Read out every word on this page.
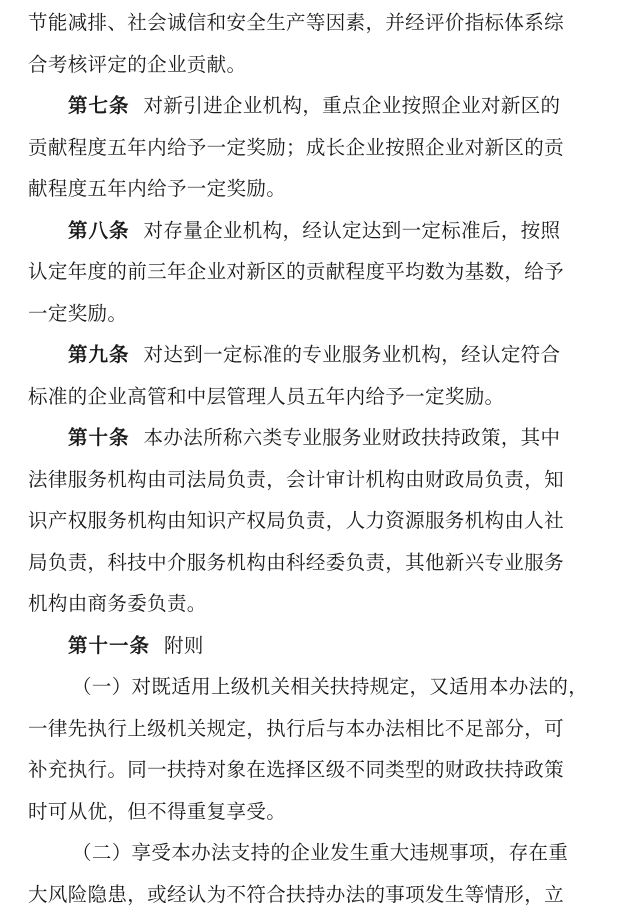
节能减排、社会诚信和安全生产等因素，并经评价指标体系综
合考核评定的企业贡献。
第七条 对新引进企业机构，重点企业按照企业对新区的
贡献程度五年内给予一定奖励；成长企业按照企业对新区的贡
献程度五年内给予一定奖励。
第八条 对存量企业机构，经认定达到一定标准后，按照
认定年度的前三年企业对新区的贡献程度平均数为基数，给予
一定奖励。
第九条 对达到一定标准的专业服务业机构，经认定符合
标准的企业高管和中层管理人员五年内给予一定奖励。
第十条 本办法所称六类专业服务业财政扶持政策，其中
法律服务机构由司法局负责，会计审计机构由财政局负责，知
识产权服务机构由知识产权局负责，人力资源服务机构由人社
局负责，科技中介服务机构由科经委负责，其他新兴专业服务
机构由商务委负责。
第十一条 附则
（一）对既适用上级机关相关扶持规定，又适用本办法的，
一律先执行上级机关规定，执行后与本办法相比不足部分，可
补充执行。同一扶持对象在选择区级不同类型的财政扶持政策
时可从优，但不得重复享受。
（二）享受本办法支持的企业发生重大违规事项，存在重
大风险隐患，或经认为不符合扶持办法的事项发生等情形，立
